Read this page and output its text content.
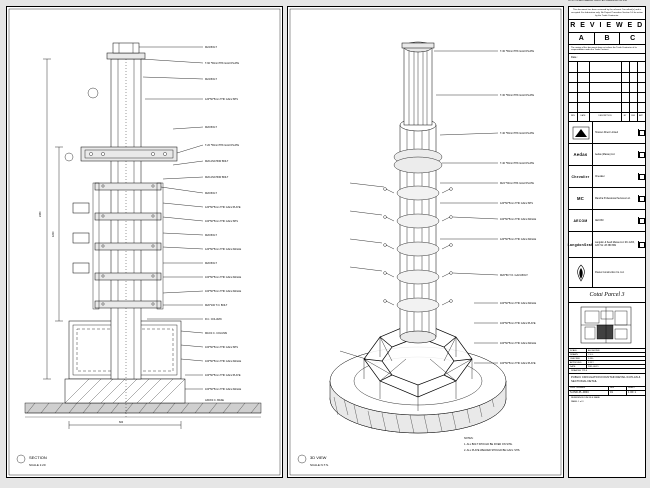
DO NOT SCALE DRAWING. VERIFY ALL DIMENSIONS ON SITE
SECTION
SCALE 1:20
M24 BOLT
T-60 *50mmTHK GALV.PLATE
M24 BOLT
120*50*5mm THK GALV.SHS
M20 BOLT
T-20 *50mmTHK GALV.PLATE
M20 ANCHOR BOLT
M20 ANCHOR BOLT
M20 BOLT
120*50*5mm THK GALV.PLATE
100*50*5mm THK GALV.SHS
M20 BOLT
120*50*5mm THK GALV.ANGLE
M20 BOLT
100*50*5mm THK GALV.ANGLE
100*50*5mm THK GALV.ANGLE
M20*100 T.O. BOLT
R.C. COLUMN
M16 R.C. COLUMN
100*50*5mm THK GALV.SHS
100*50*5mm THK GALV.ANGLE
100*50*5mm THK GALV.PLATE
100*50*5mm THK GALV.ANGLE
A393 R.C. BASE
2450
1200
600
T-30 *50mmTHK GALV.PLATE
T-30 *50mmTHK GALV.PLATE
T-40 *50mmTHK GALV.PLATE
T-40 *50mmTHK GALV.PLATE
M24 *50mmTHK GALV.PLATE
120*50*5mm THK GALV.SHS
100*50*5mm THK GALV.ANGLE
120*50*5mm THK GALV.ANGLE
M20*80 T.O. GALV.BOLT
100*50*5mm THK GALV.ANGLE
100*50*5mm THK GALV.PLATE
100*50*5mm THK GALV.ANGLE
100*50*5mm THK GALV.PLATE
NOTES:
1. ALL BOLT SHOULD BE FIXED ON SITE.
2. ALL PLATE WELDED SHOULD BE GALV. SHS.
3D VIEW
SCALE N.T.S.
This document has been reviewed by the relevant Consultant(s) and is accepted. For fabrication only. No Project Procedure Section 5.4 for action by the Trade Contractor.
R E V I E W E D
A	B	C
The review of this document does not relieve the Trade Contractor of its responsibilities under the Trade Contract.
Date :
REV	DATE	DESCRIPTION	BY	CHK	APP
Hossien Direct Limited
Aedas	Aedas (Macau) Ltd.
Chevalier	Chevalier
MC	Mancha Professional Services Ltd.
AECOM	AECOM
LangdonSeah Langdon & Seah Macau Ltd. Rm 1203, 12/F Tel: 28 389 899
Paulex Construction Co. Ltd.
Cotai Parcel 3
SCALE	AS SHOWN
DRAWN	C.K.L.
CHECKED	S.W.L.
APPROVED	K.W.T.
DATE	2011-08-15
DRAWING TITLE
PUBLIC CIRCULATION FOUNTAIN DETAIL 04 PLAN & SECTIONAL DETAIL
DWG. NUMBER	REV	SHEET
S-FND-PL-0004	01	1 OF 1
REFERENCE DIM FILE NAME
PANEL 1 of 3
